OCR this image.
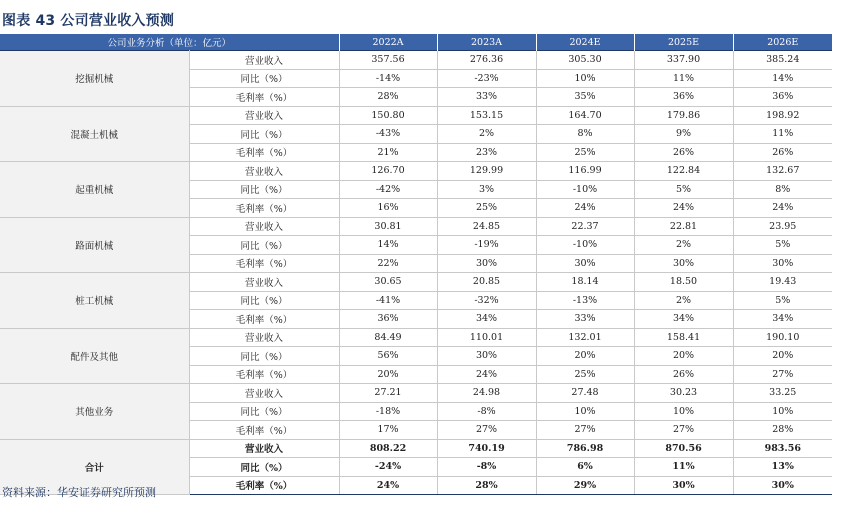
图表 43 公司营业收入预测
公司业务分析（单位：亿元）		2022A	2023A	2024E	2025E	2026E
挖掘机械	营业收入	357.56	276.36	305.30	337.90	385.24
	同比（%）	-14%	-23%	10%	11%	14%
	毛利率（%）	28%	33%	35%	36%	36%
混凝土机械	营业收入	150.80	153.15	164.70	179.86	198.92
	同比（%）	-43%	2%	8%	9%	11%
	毛利率（%）	21%	23%	25%	26%	26%
起重机械	营业收入	126.70	129.99	116.99	122.84	132.67
	同比（%）	-42%	3%	-10%	5%	8%
	毛利率（%）	16%	25%	24%	24%	24%
路面机械	营业收入	30.81	24.85	22.37	22.81	23.95
	同比（%）	14%	-19%	-10%	2%	5%
	毛利率（%）	22%	30%	30%	30%	30%
桩工机械	营业收入	30.65	20.85	18.14	18.50	19.43
	同比（%）	-41%	-32%	-13%	2%	5%
	毛利率（%）	36%	34%	33%	34%	34%
配件及其他	营业收入	84.49	110.01	132.01	158.41	190.10
	同比（%）	56%	30%	20%	20%	20%
	毛利率（%）	20%	24%	25%	26%	27%
其他业务	营业收入	27.21	24.98	27.48	30.23	33.25
	同比（%）	-18%	-8%	10%	10%	10%
	毛利率（%）	17%	27%	27%	27%	28%
合计	营业收入	808.22	740.19	786.98	870.56	983.56
	同比（%）	-24%	-8%	6%	11%	13%
	毛利率（%）	24%	28%	29%	30%	30%
资料来源：华安证券研究所预测
